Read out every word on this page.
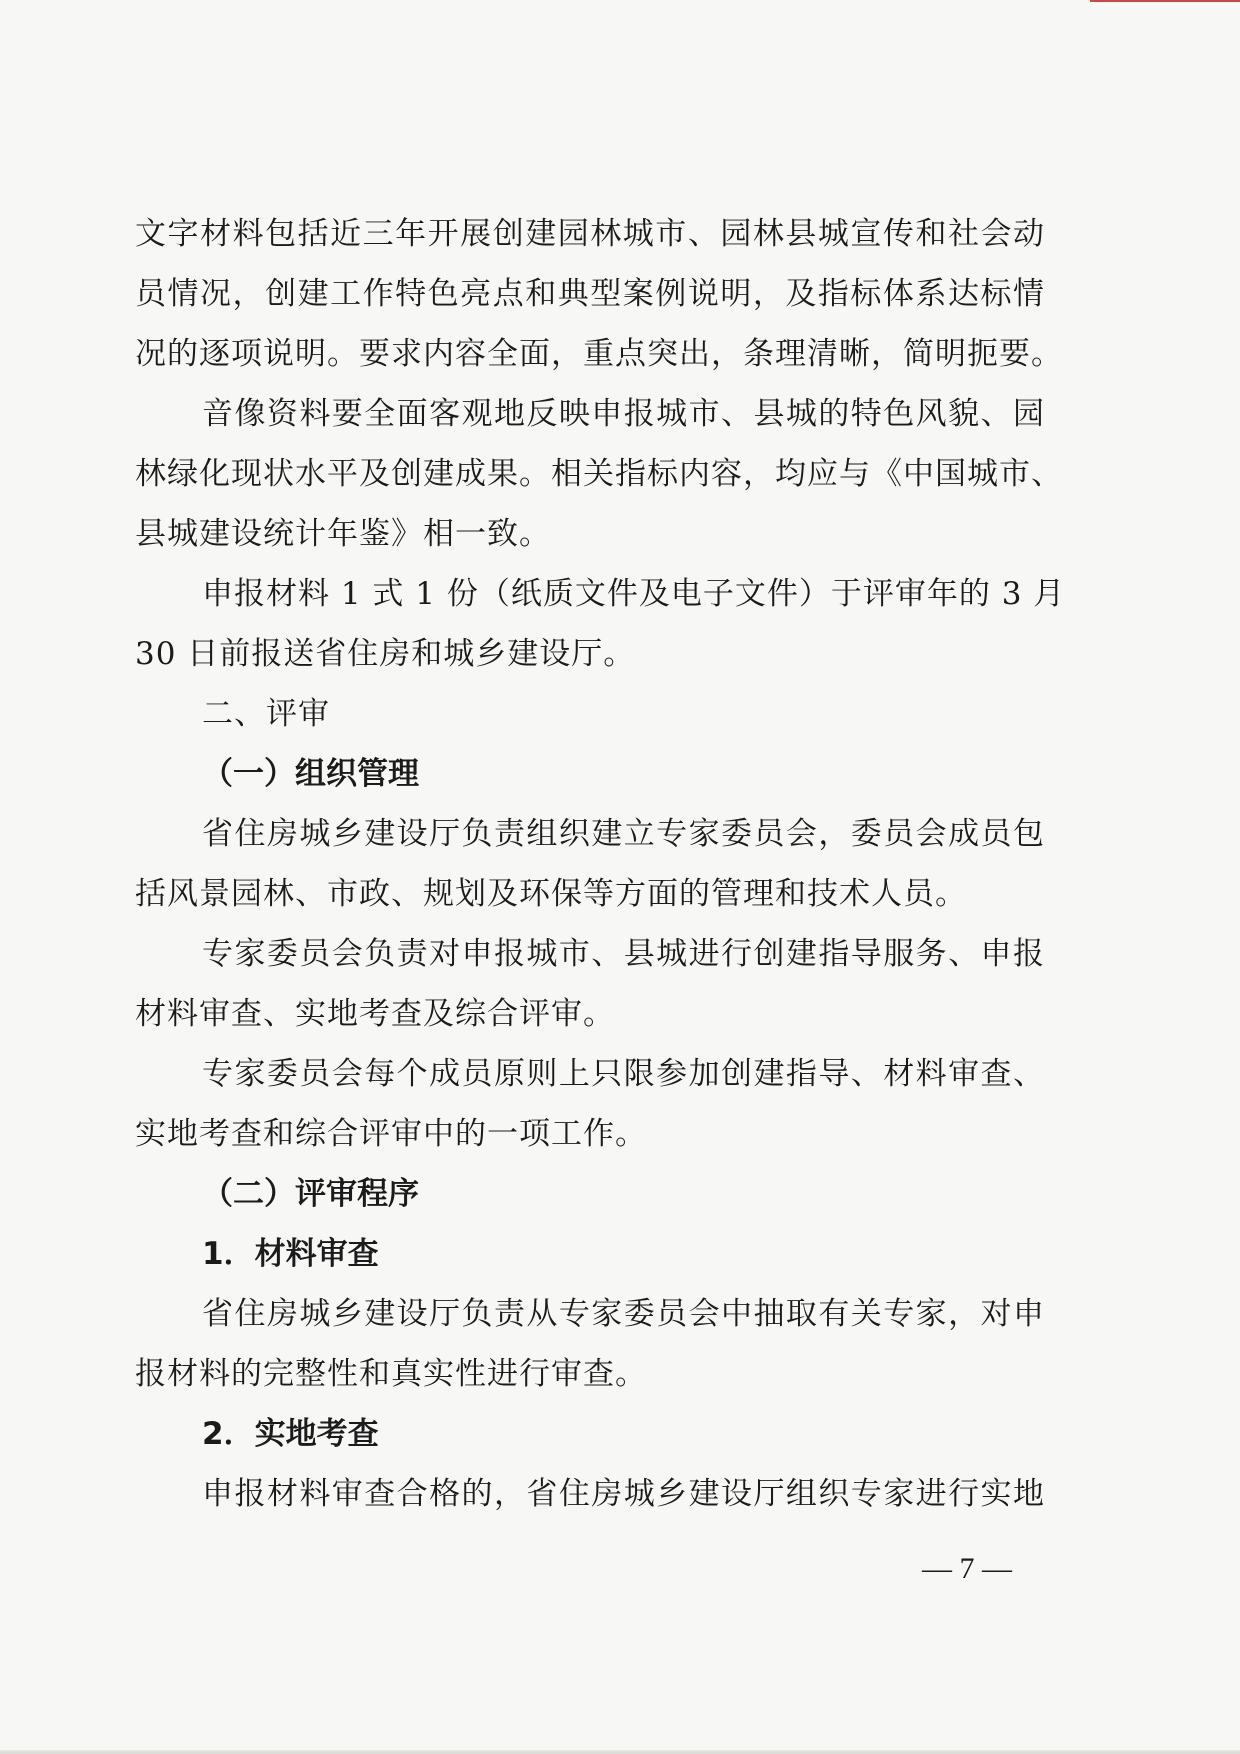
文字材料包括近三年开展创建园林城市、园林县城宣传和社会动
员情况，创建工作特色亮点和典型案例说明，及指标体系达标情
况的逐项说明。要求内容全面，重点突出，条理清晰，简明扼要。
音像资料要全面客观地反映申报城市、县城的特色风貌、园
林绿化现状水平及创建成果。相关指标内容，均应与《中国城市、
县城建设统计年鉴》相一致。
申报材料 1 式 1 份（纸质文件及电子文件）于评审年的 3 月
30 日前报送省住房和城乡建设厅。
二、评审
（一）组织管理
省住房城乡建设厅负责组织建立专家委员会，委员会成员包
括风景园林、市政、规划及环保等方面的管理和技术人员。
专家委员会负责对申报城市、县城进行创建指导服务、申报
材料审查、实地考查及综合评审。
专家委员会每个成员原则上只限参加创建指导、材料审查、
实地考查和综合评审中的一项工作。
（二）评审程序
1．材料审查
省住房城乡建设厅负责从专家委员会中抽取有关专家，对申
报材料的完整性和真实性进行审查。
2．实地考查
申报材料审查合格的，省住房城乡建设厅组织专家进行实地
— 7 —
